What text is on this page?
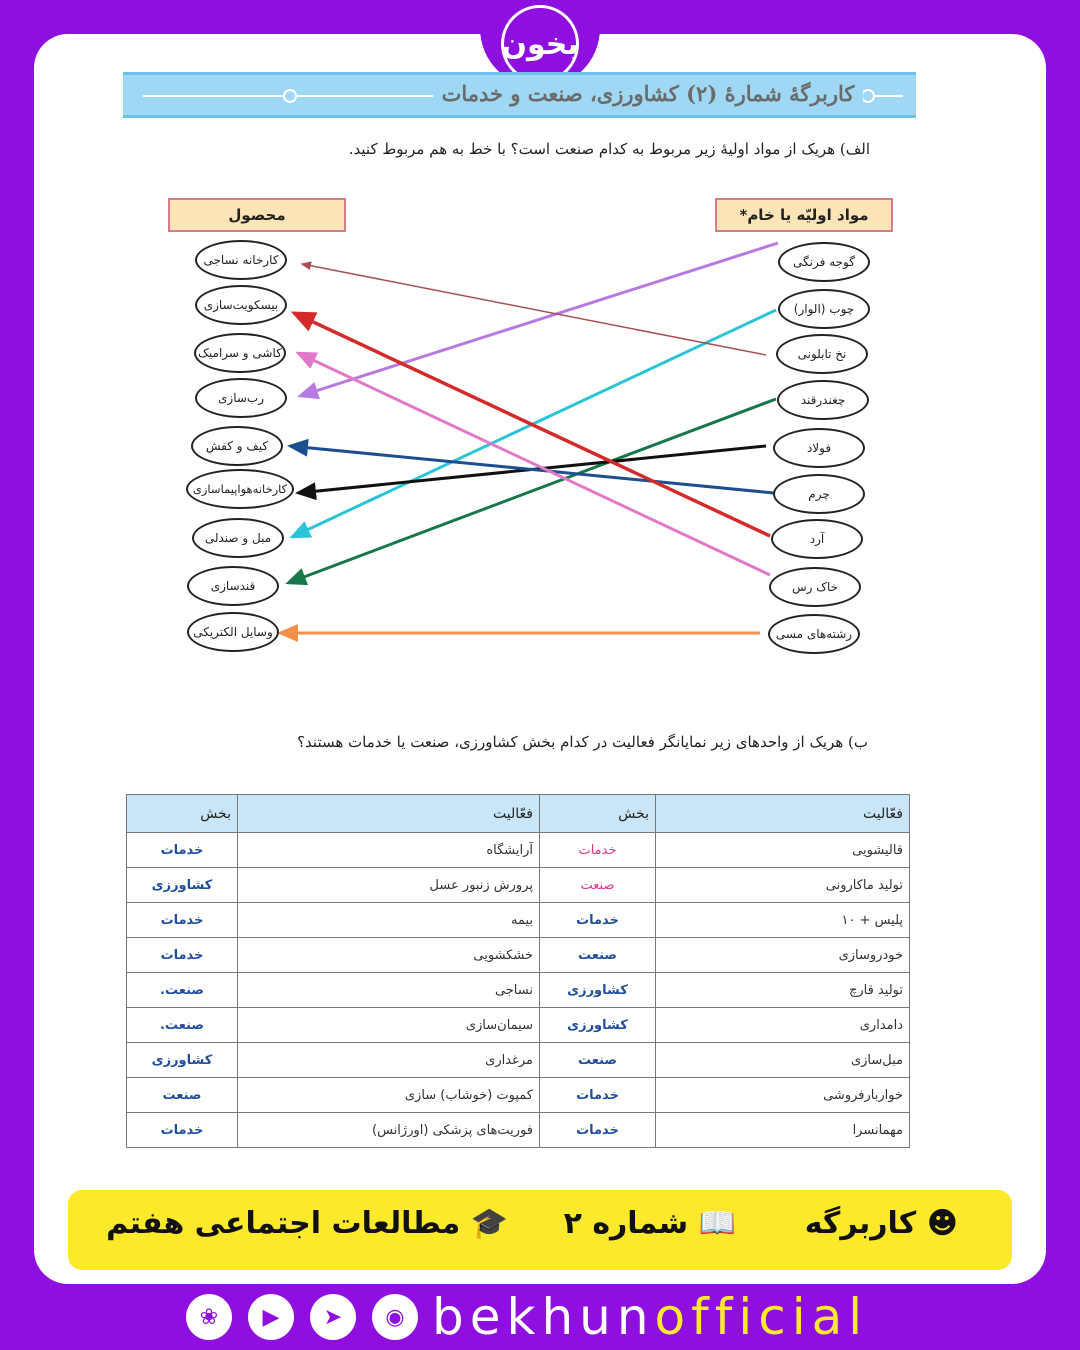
بخون
کاربرگهٔ شمارهٔ (۲) کشاورزی، صنعت و خدمات
الف) هریک از مواد اولیهٔ زیر مربوط به کدام صنعت است؟ با خط به هم مربوط کنید.
محصول	مواد اولیّه یا خام*
کارخانه نساجی
بیسکویت‌سازی
کاشی و سرامیک
رب‌سازی
کیف و کفش
کارخانه‌هواپیماسازی
مبل و صندلی
قندسازی
وسایل الکتریکی
گوجه فرنگی
چوب (الوار)
نخ تابلونی
چغندرقند
فولاد
چرم
آرد
خاک رس
رشته‌های مسی
ب) هریک از واحدهای زیر نمایانگر فعالیت در کدام بخش کشاورزی، صنعت یا خدمات هستند؟
فعّالیت	بخش	فعّالیت	بخش
قالیشویی	خدمات	آرایشگاه	خدمات
تولید ماکارونی	صنعت	پرورش زنبور عسل	کشاورزی
پلیس + ۱۰	خدمات	بیمه	خدمات
خودروسازی	صنعت	خشکشویی	خدمات
تولید قارچ	کشاورزی	نساجی	صنعت.
دامداری	کشاورزی	سیمان‌سازی	صنعت.
مبل‌سازی	صنعت	مرغداری	کشاورزی
خواربارفروشی	خدمات	کمپوت (خوشاب) سازی	صنعت
مهمانسرا	خدمات	فوریت‌های پزشکی (اورژانس)	خدمات
☻ کاربرگه
📖 شماره ۲
🎓 مطالعات اجتماعی هفتم
❀	▶	➤	◉ bekhunofficial
